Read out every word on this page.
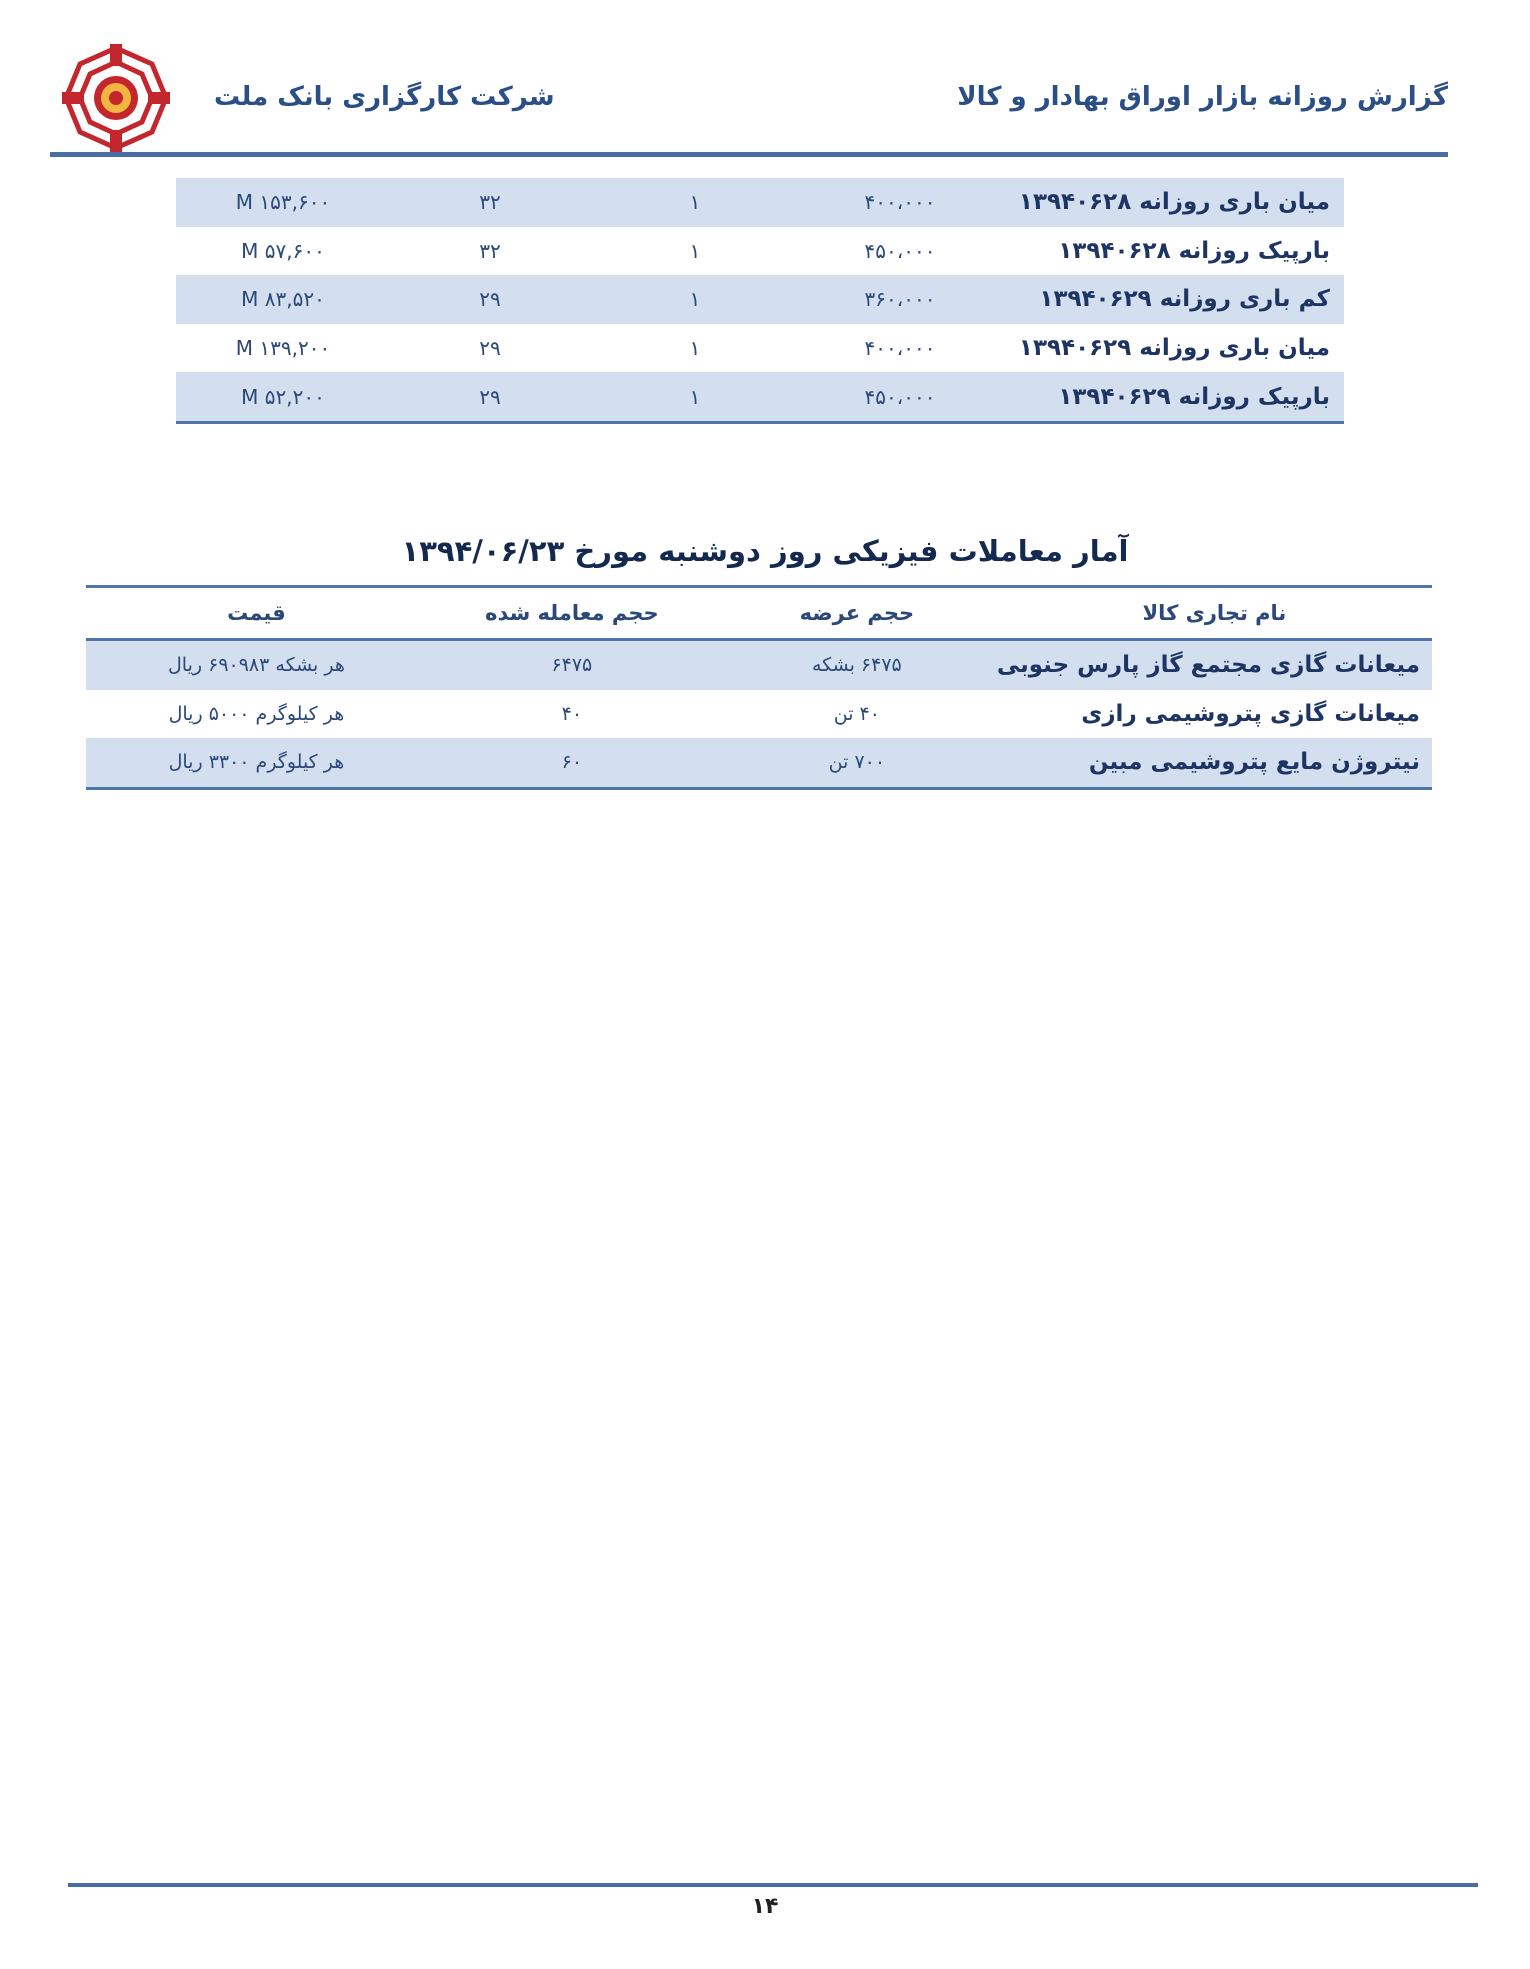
شرکت کارگزاری بانک ملت	گزارش روزانه بازار اوراق بهادار و کالا
میان باری روزانه ۱۳۹۴۰۶۲۸	۴۰۰،۰۰۰	۱	۳۲	۱۵۳,۶۰۰ M
بارپیک روزانه ۱۳۹۴۰۶۲۸	۴۵۰،۰۰۰	۱	۳۲	۵۷,۶۰۰ M
کم باری روزانه ۱۳۹۴۰۶۲۹	۳۶۰،۰۰۰	۱	۲۹	۸۳,۵۲۰ M
میان باری روزانه ۱۳۹۴۰۶۲۹	۴۰۰،۰۰۰	۱	۲۹	۱۳۹,۲۰۰ M
بارپیک روزانه ۱۳۹۴۰۶۲۹	۴۵۰،۰۰۰	۱	۲۹	۵۲,۲۰۰ M
آمار معاملات فیزیکی روز دوشنبه مورخ ۱۳۹۴/۰۶/۲۳
نام تجاری کالا	حجم عرضه	حجم معامله شده	قیمت
میعانات گازی مجتمع گاز پارس جنوبی	۶۴۷۵ بشکه	۶۴۷۵	هر بشکه ۶۹۰۹۸۳ ریال
میعانات گازی پتروشیمی رازی	۴۰ تن	۴۰	هر کیلوگرم ۵۰۰۰ ریال
نیتروژن مایع پتروشیمی مبین	۷۰۰ تن	۶۰	هر کیلوگرم ۳۳۰۰ ریال
۱۴
